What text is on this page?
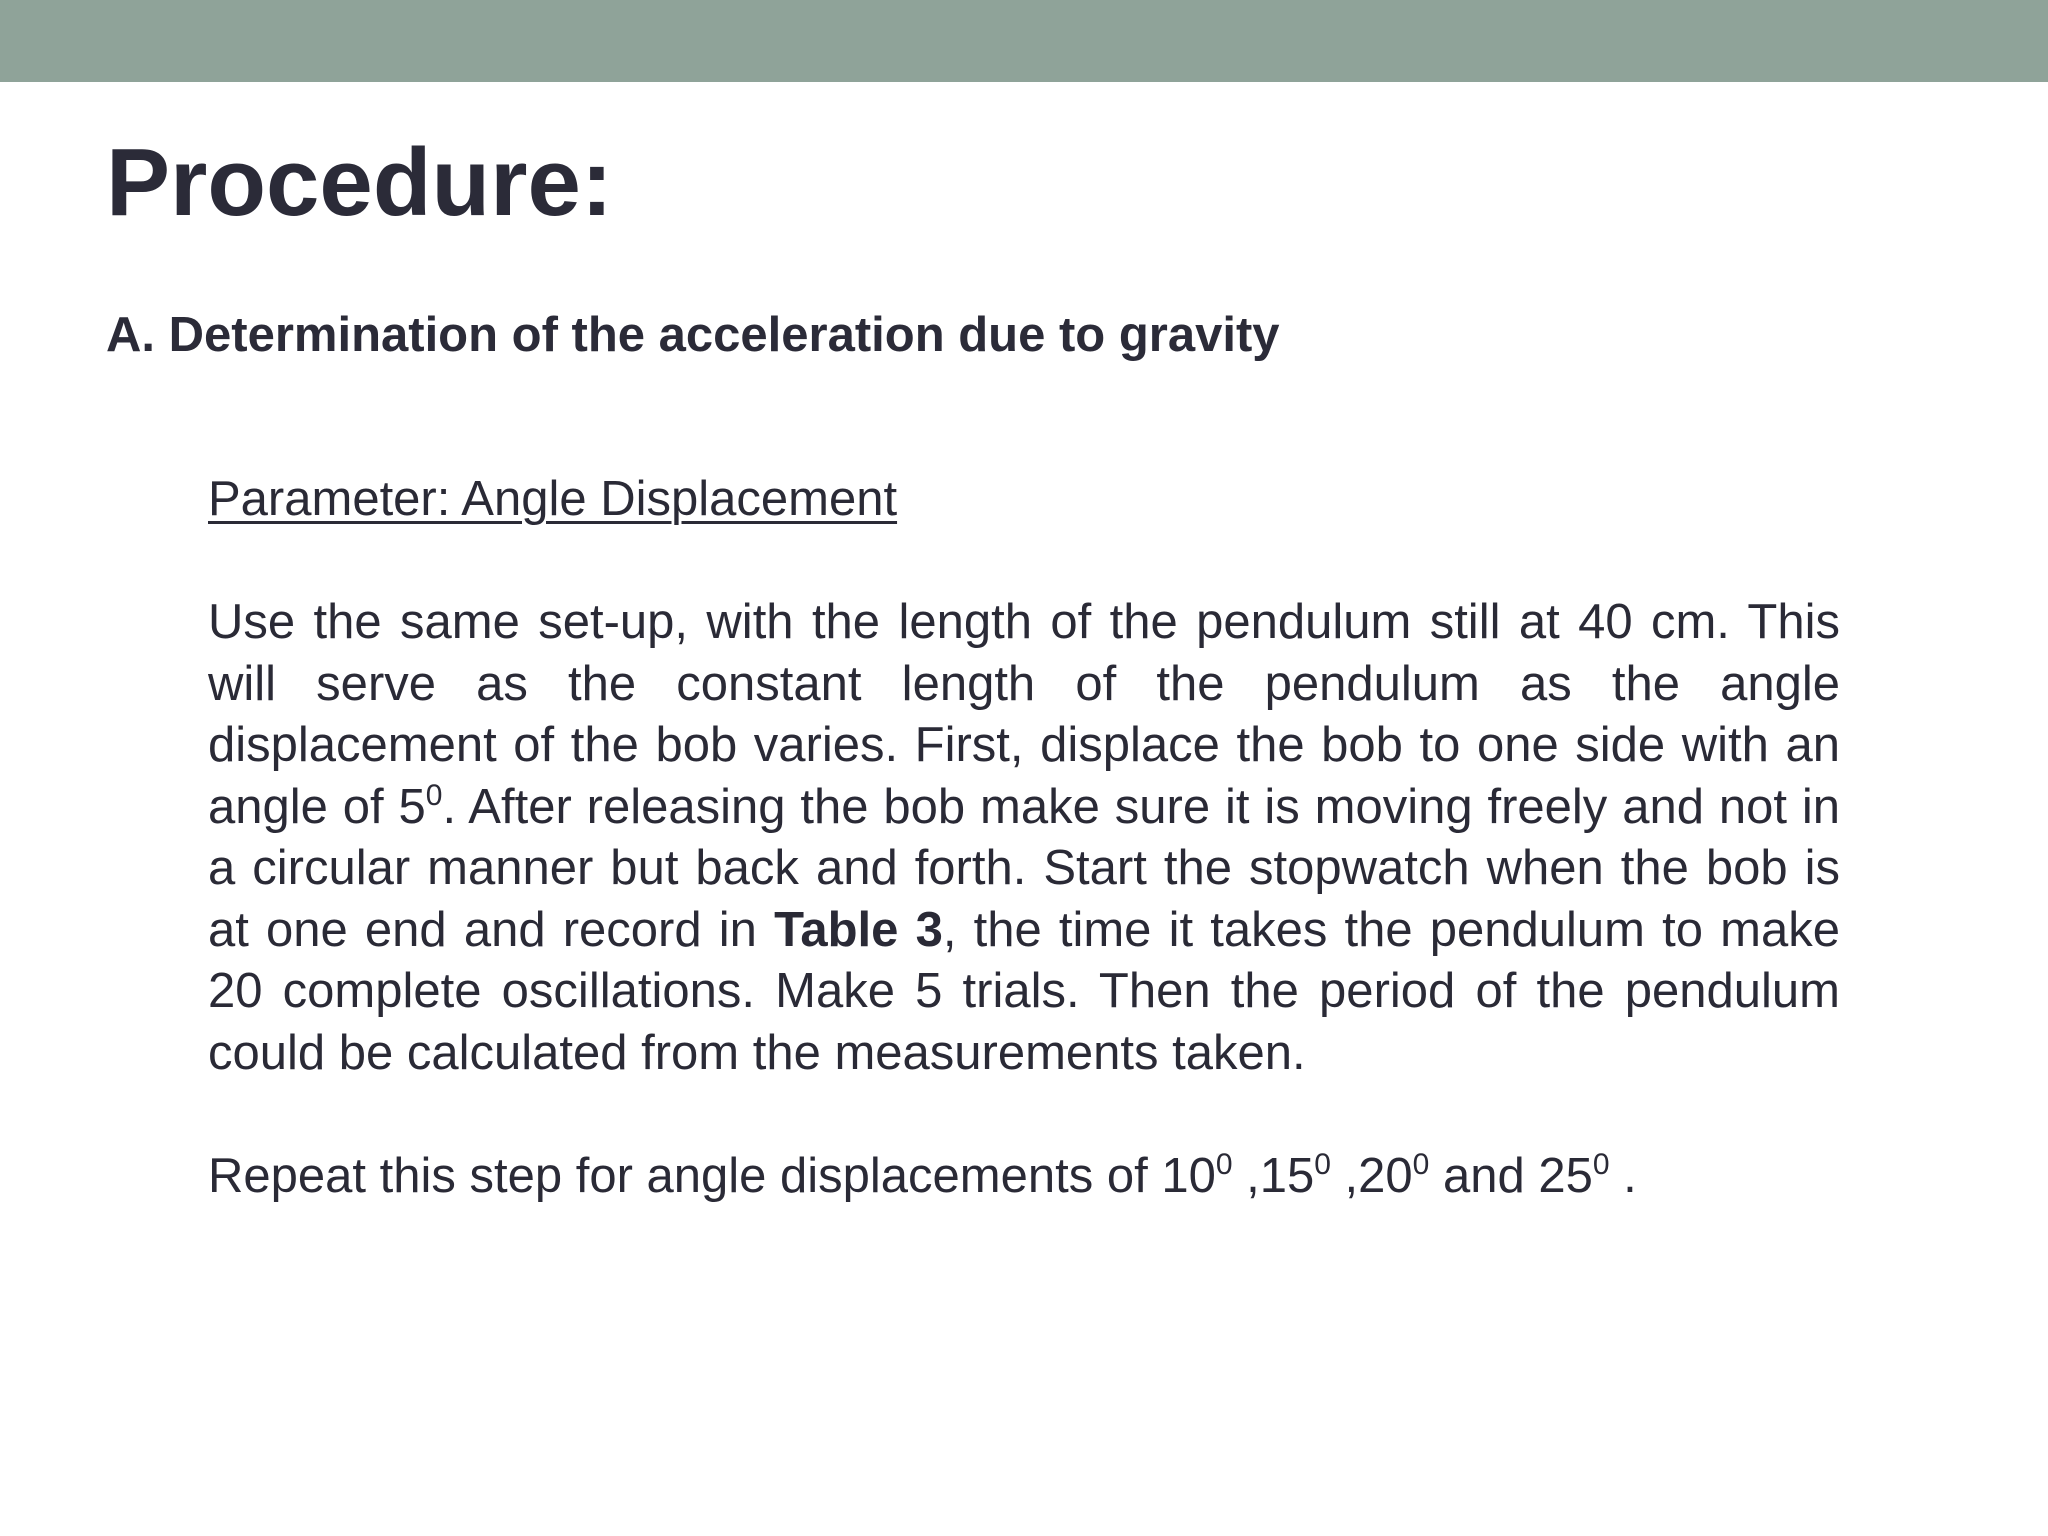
Procedure:
A. Determination of the acceleration due to gravity

Parameter: Angle Displacement

Use the same set-up, with the length of the pendulum still at 40 cm. This will serve as the constant length of the pendulum as the angle displacement of the bob varies. First, displace the bob to one side with an angle of $5^0$. After releasing the bob make sure it is moving freely and not in a circular manner but back and forth. Start the stopwatch when the bob is at one end and record in Table 3, the time it takes the pendulum to make 20 complete oscillations. Make 5 trials. Then the period of the pendulum could be calculated from the measurements taken.

Repeat this step for angle displacements of $10^0$ $,15^0$ $,20^0$ and $25^0$ .
